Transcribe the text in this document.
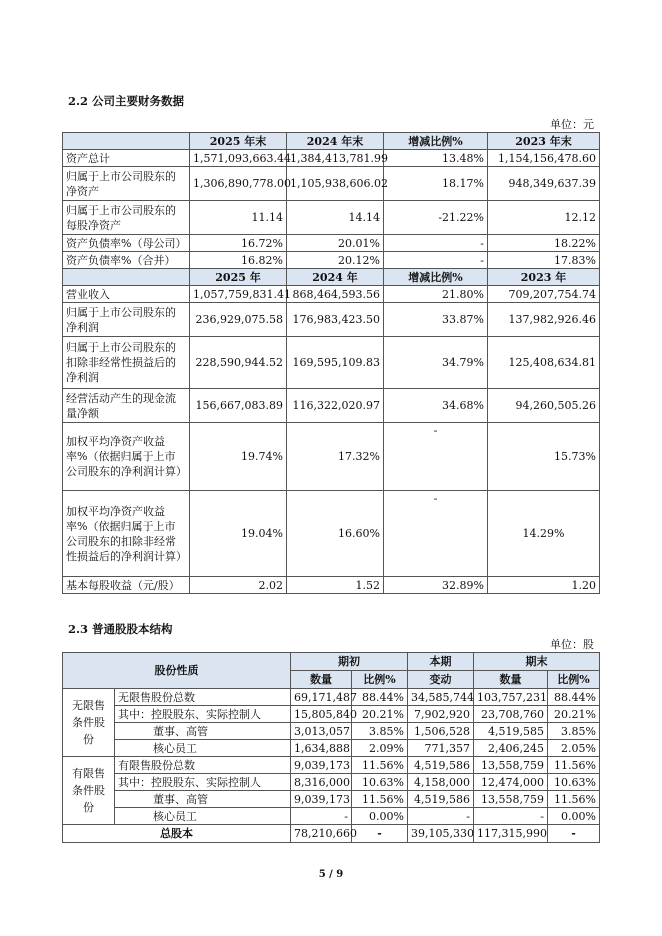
2.2 公司主要财务数据
单位：元
	2025 年末	2024 年末	增减比例%	2023 年末
资产总计	1,571,093,663.44	1,384,413,781.99	13.48%	1,154,156,478.60
归属于上市公司股东的净资产	1,306,890,778.00	1,105,938,606.02	18.17%	948,349,637.39
归属于上市公司股东的每股净资产	11.14	14.14	-21.22%	12.12
资产负债率%（母公司）	16.72%	20.01%	-	18.22%
资产负债率%（合并）	16.82%	20.12%	-	17.83%
	2025 年	2024 年	增减比例%	2023 年
营业收入	1,057,759,831.41	868,464,593.56	21.80%	709,207,754.74
归属于上市公司股东的净利润	236,929,075.58	176,983,423.50	33.87%	137,982,926.46
归属于上市公司股东的扣除非经常性损益后的净利润	228,590,944.52	169,595,109.83	34.79%	125,408,634.81
经营活动产生的现金流量净额	156,667,083.89	116,322,020.97	34.68%	94,260,505.26
加权平均净资产收益率%（依据归属于上市公司股东的净利润计算）	19.74%	17.32%	-	15.73%
加权平均净资产收益率%（依据归属于上市公司股东的扣除非经常性损益后的净利润计算）	19.04%	16.60%	-	14.29%
基本每股收益（元/股）	2.02	1.52	32.89%	1.20
2.3 普通股股本结构
单位：股
股份性质		期初		本期	期末	
		数量	比例%	变动	数量	比例%
无限售条件股份	无限售股份总数	69,171,487	88.44%	34,585,744	103,757,231	88.44%
	其中：控股股东、实际控制人	15,805,840	20.21%	7,902,920	23,708,760	20.21%
	董事、高管	3,013,057	3.85%	1,506,528	4,519,585	3.85%
	核心员工	1,634,888	2.09%	771,357	2,406,245	2.05%
有限售条件股份	有限售股份总数	9,039,173	11.56%	4,519,586	13,558,759	11.56%
	其中：控股股东、实际控制人	8,316,000	10.63%	4,158,000	12,474,000	10.63%
	董事、高管	9,039,173	11.56%	4,519,586	13,558,759	11.56%
	核心员工	-	0.00%	-	-	0.00%
总股本		78,210,660	-	39,105,330	117,315,990	-
5 / 9
